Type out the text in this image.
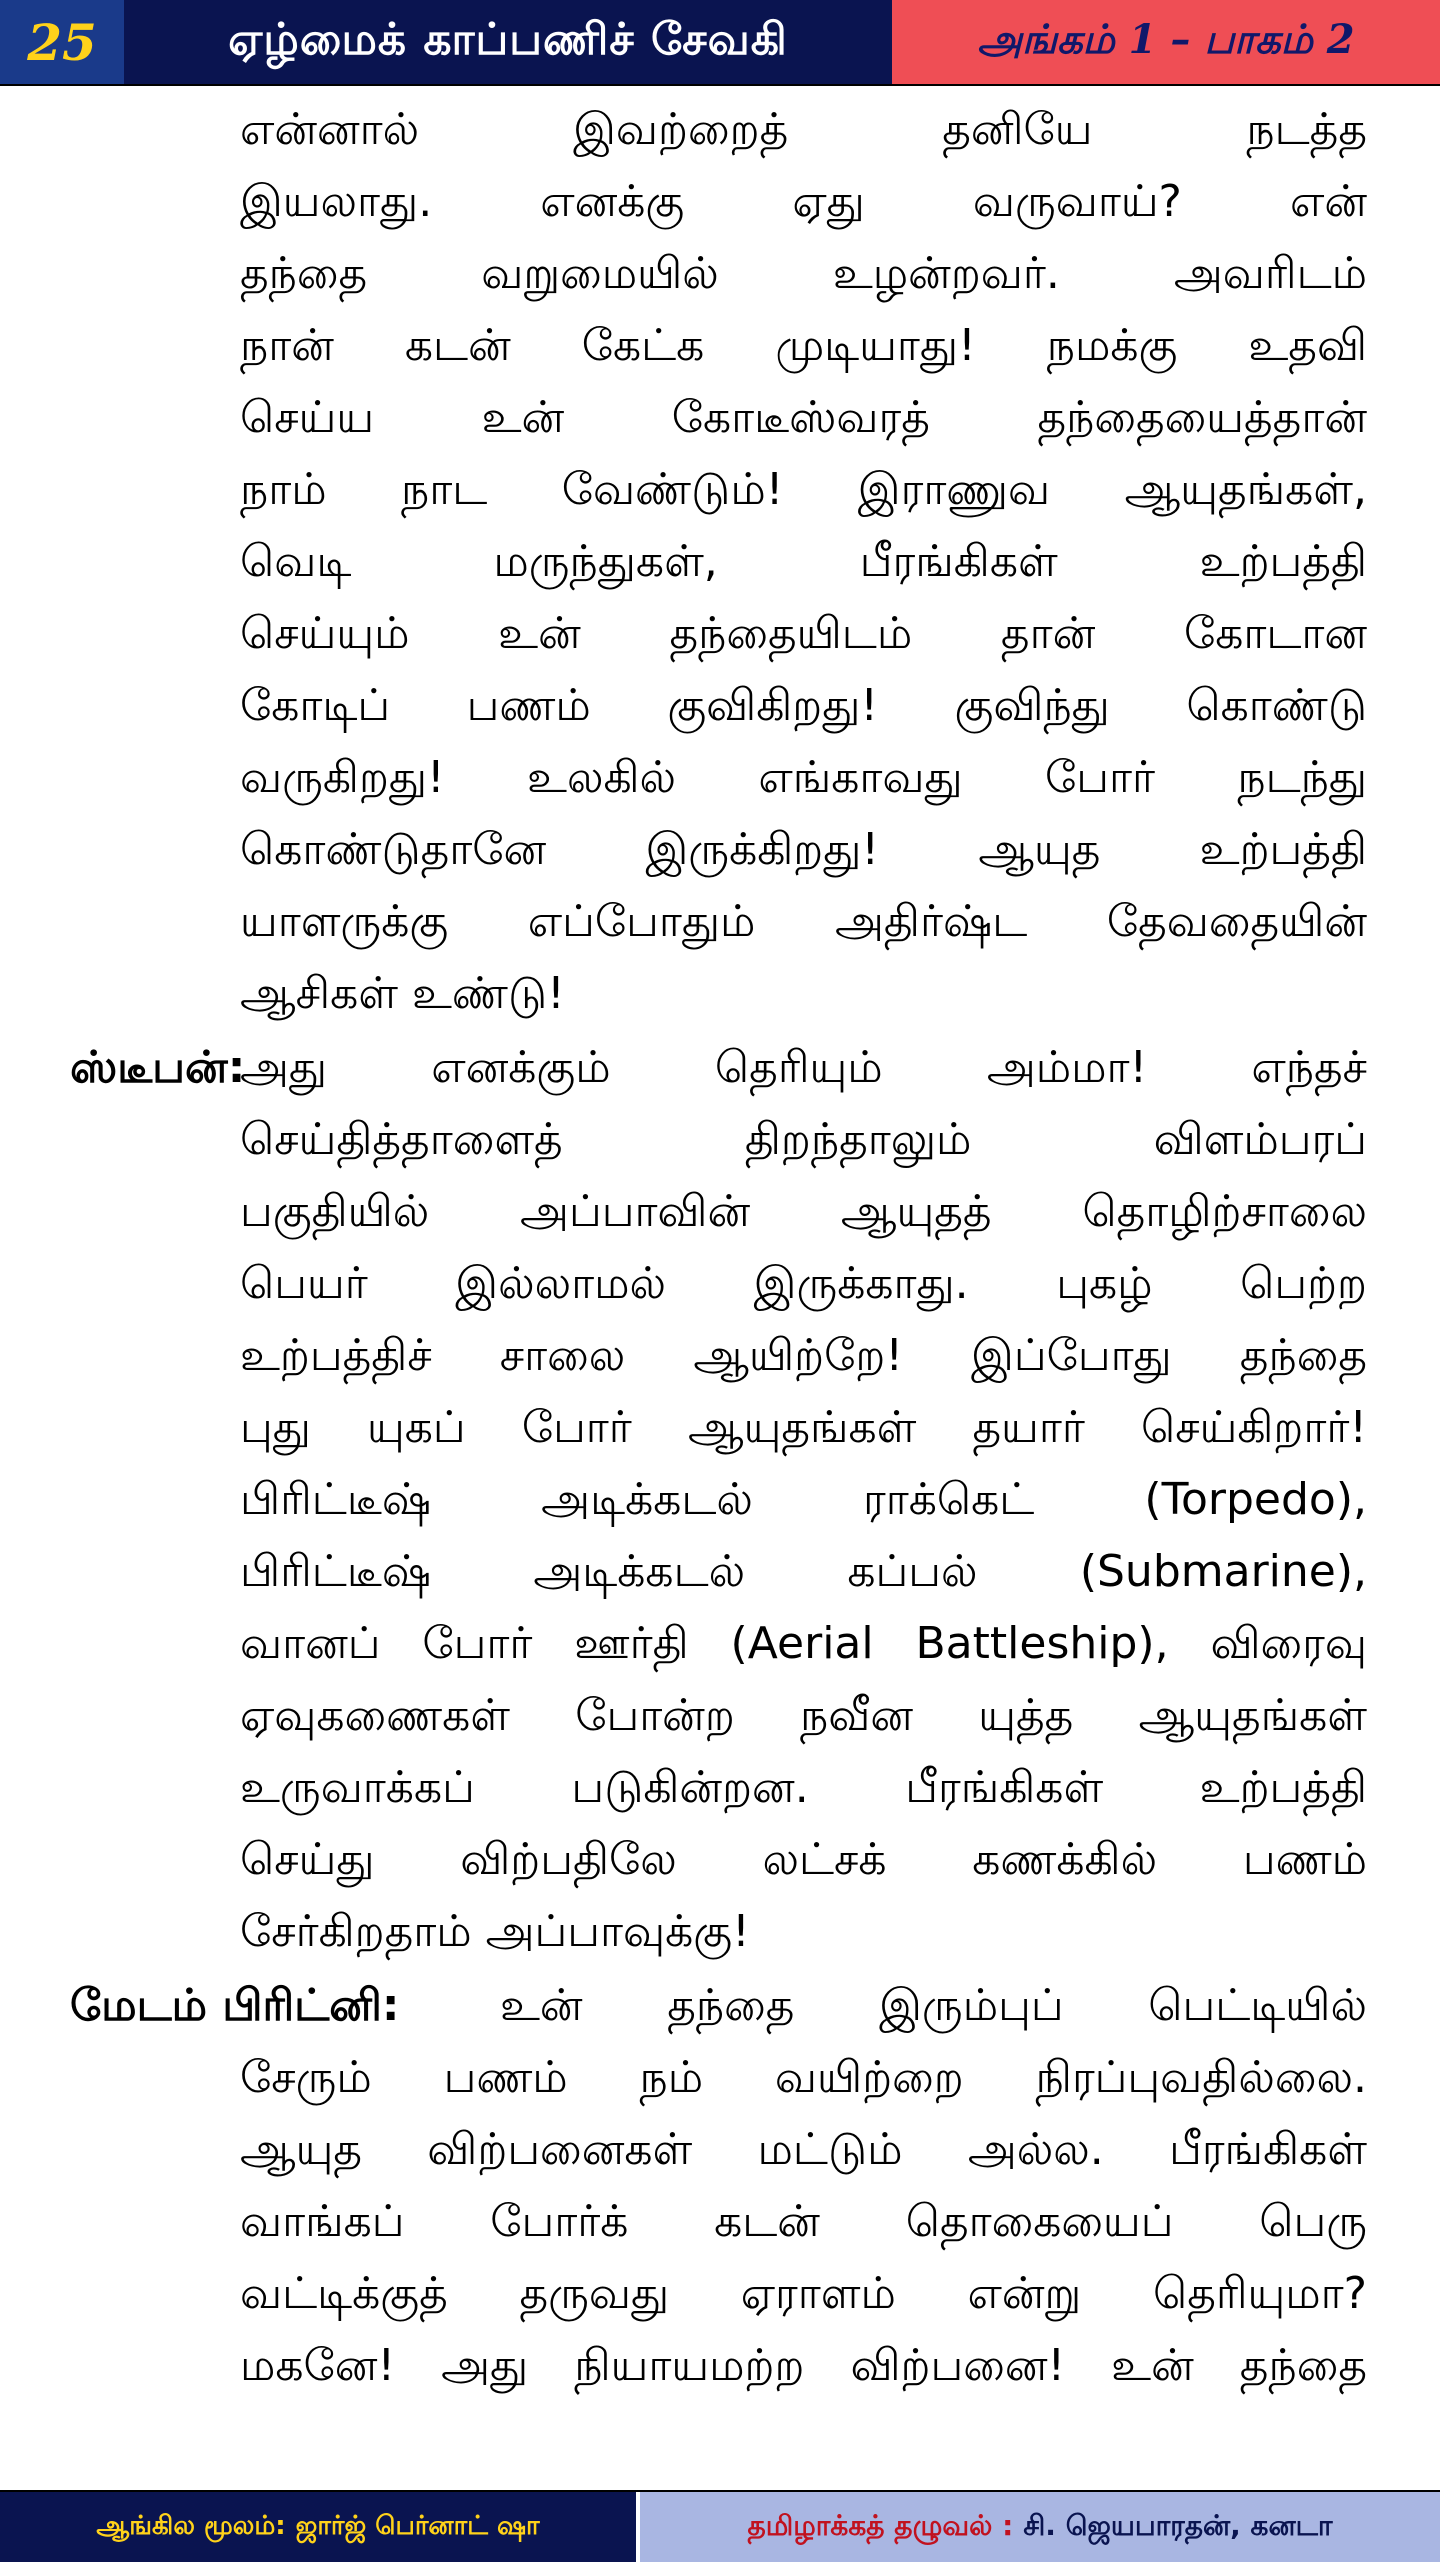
25	ஏழ்மைக் காப்பணிச் சேவகி	அங்கம் 1 – பாகம் 2
என்னால் இவற்றைத் தனியே நடத்த
இயலாது. எனக்கு ஏது வருவாய்? என்
தந்தை வறுமையில் உழன்றவர். அவரிடம்
நான் கடன் கேட்க முடியாது! நமக்கு உதவி
செய்ய உன் கோடீஸ்வரத் தந்தையைத்தான்
நாம் நாட வேண்டும்! இராணுவ ஆயுதங்கள்,
வெடி மருந்துகள், பீரங்கிகள் உற்பத்தி
செய்யும் உன் தந்தையிடம் தான் கோடான
கோடிப் பணம் குவிகிறது! குவிந்து கொண்டு
வருகிறது! உலகில் எங்காவது போர் நடந்து
கொண்டுதானே இருக்கிறது! ஆயுத உற்பத்தி
யாளருக்கு எப்போதும் அதிர்ஷ்ட தேவதையின்
ஆசிகள் உண்டு!
ஸ்டீபன்:
அது எனக்கும் தெரியும் அம்மா! எந்தச்
செய்தித்தாளைத் திறந்தாலும் விளம்பரப்
பகுதியில் அப்பாவின் ஆயுதத் தொழிற்சாலை
பெயர் இல்லாமல் இருக்காது. புகழ் பெற்ற
உற்பத்திச் சாலை ஆயிற்றே! இப்போது தந்தை
புது யுகப் போர் ஆயுதங்கள் தயார் செய்கிறார்!
பிரிட்டீஷ் அடிக்கடல் ராக்கெட் (Torpedo),
பிரிட்டீஷ் அடிக்கடல் கப்பல் (Submarine),
வானப் போர் ஊர்தி (Aerial Battleship), விரைவு
ஏவுகணைகள் போன்ற நவீன யுத்த ஆயுதங்கள்
உருவாக்கப் படுகின்றன. பீரங்கிகள் உற்பத்தி
செய்து விற்பதிலே லட்சக் கணக்கில் பணம்
சேர்கிறதாம் அப்பாவுக்கு!
மேடம் பிரிட்னி: உன் தந்தை இரும்புப் பெட்டியில்
சேரும் பணம் நம் வயிற்றை நிரப்புவதில்லை.
ஆயுத விற்பனைகள் மட்டும் அல்ல. பீரங்கிகள்
வாங்கப் போர்க் கடன் தொகையைப் பெரு
வட்டிக்குத் தருவது ஏராளம் என்று தெரியுமா?
மகனே! அது நியாயமற்ற விற்பனை! உன் தந்தை
ஆங்கில மூலம்: ஜார்ஜ் பெர்னாட் ஷா	தமிழாக்கத் தழுவல் : சி. ஜெயபாரதன், கனடா
